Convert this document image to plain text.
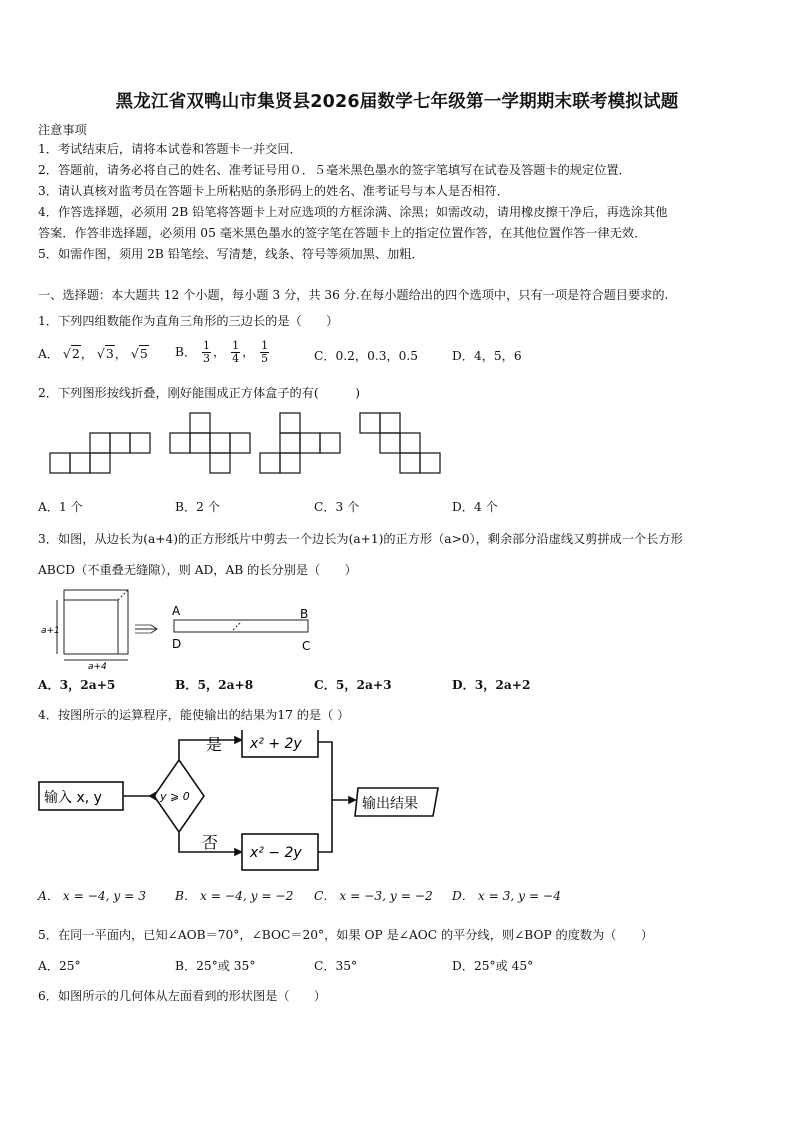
黑龙江省双鸭山市集贤县2026届数学七年级第一学期期末联考模拟试题
注意事项
1．考试结束后，请将本试卷和答题卡一并交回．
2．答题前，请务必将自己的姓名、准考证号用０．５毫米黑色墨水的签字笔填写在试卷及答题卡的规定位置．
3．请认真核对监考员在答题卡上所粘贴的条形码上的姓名、准考证号与本人是否相符．
4．作答选择题，必须用 2B 铅笔将答题卡上对应选项的方框涂满、涂黑；如需改动，请用橡皮擦干净后，再选涂其他
答案．作答非选择题，必须用 05 毫米黑色墨水的签字笔在答题卡上的指定位置作答，在其他位置作答一律无效．
5．如需作图，须用 2B 铅笔绘、写清楚，线条、符号等须加黑、加粗．
一、选择题：本大题共 12 个小题，每小题 3 分，共 36 分.在每小题给出的四个选项中，只有一项是符合题目要求的.
1．下列四组数能作为直角三角形的三边长的是（　　）
A． √2， √3， √5 B． $\frac{1}{3}$ ， $\frac{1}{4}$ ， $\frac{1}{5}$	C．0.2，0.3，0.5	D．4，5，6
2．下列图形按线折叠，刚好能围成正方体盒子的有(　　　)
A．1 个	B．2 个	C．3 个	D．4 个
3．如图，从边长为(a+4)的正方形纸片中剪去一个边长为(a+1)的正方形（a>0），剩余部分沿虚线又剪拼成一个长方形
ABCD（不重叠无缝隙），则 AD，AB 的长分别是（　　）
a+1
a+4
A	B
C
D
A．3，2a+5	B．5，2a+8	C．5，2a+3	D．3，2a+2
4．按图所示的运算程序，能使输出的结果为17 的是（ ）
输入 x, y	y ⩾ 0
是
否
x² + 2y
x² − 2y
输出结果
A． x = −4, y = 3 B． x = −4, y = −2 C． x = −3, y = −2 D． x = 3, y = −4
5．在同一平面内，已知∠AOB＝70°，∠BOC＝20°，如果 OP 是∠AOC 的平分线，则∠BOP 的度数为（　　）
A．25°	B．25°或 35°	C．35°	D．25°或 45°
6．如图所示的几何体从左面看到的形状图是（　　）
